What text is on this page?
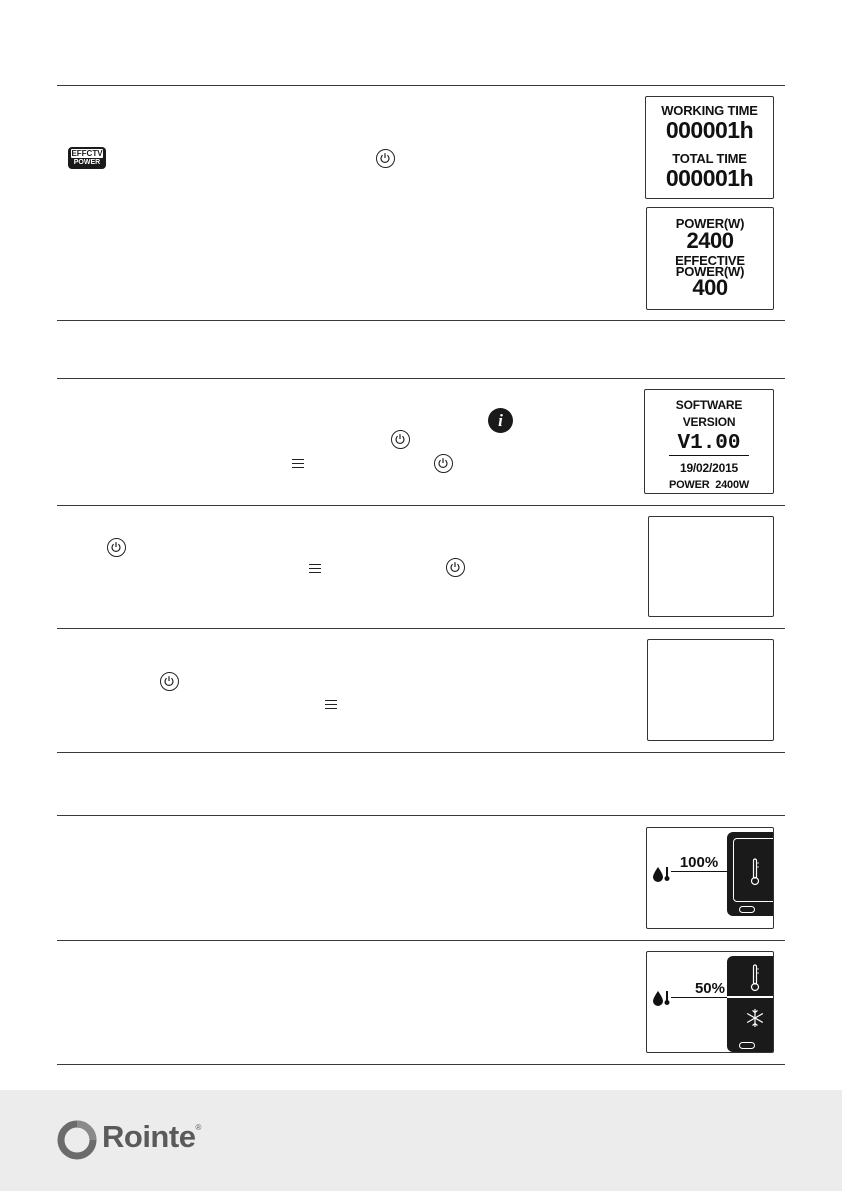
EFFCTV
POWER
i
WORKING TIME
000001h
TOTAL TIME
000001h
POWER(W)
2400
EFFECTIVE
POWER(W)
400
SOFTWARE
VERSION
V1.00
19/02/2015
POWER  2400W
100%
50%
Rointe®
